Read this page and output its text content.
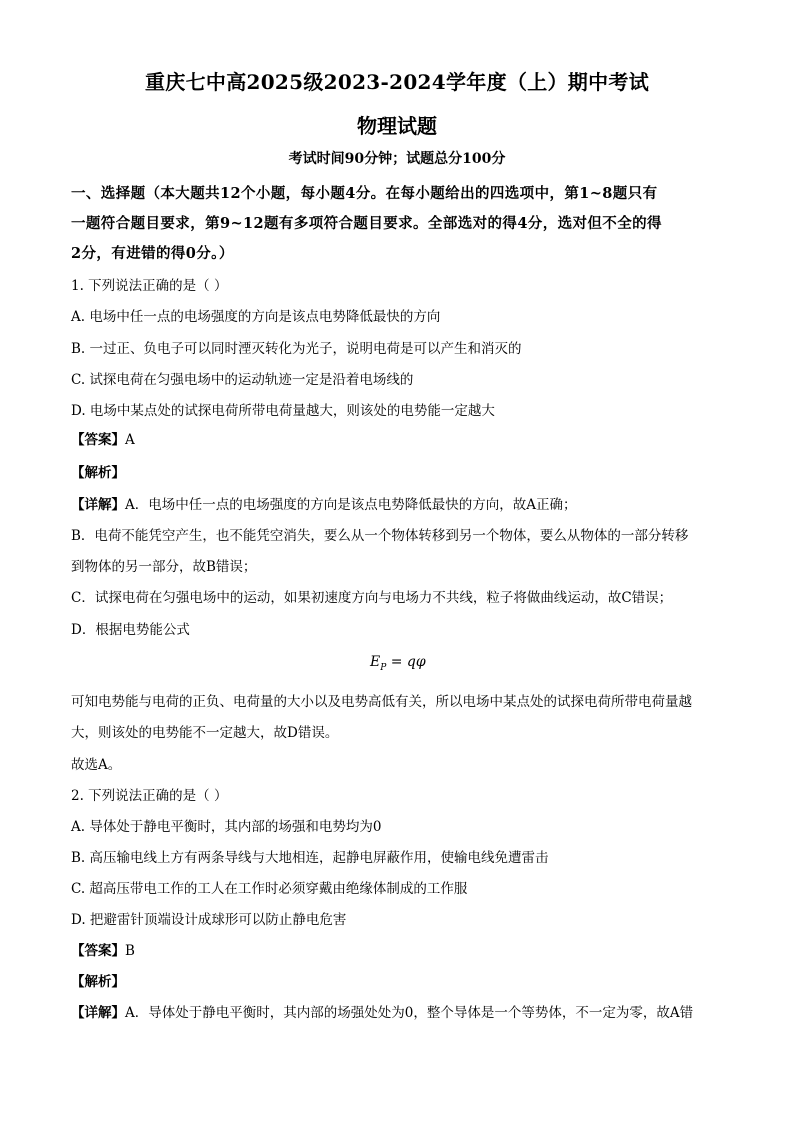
重庆七中高2025级2023-2024学年度（上）期中考试
物理试题
考试时间90分钟；试题总分100分
一、选择题（本大题共12个小题，每小题4分。在每小题给出的四选项中，第1~8题只有
一题符合题目要求，第9~12题有多项符合题目要求。全部选对的得4分，选对但不全的得
2分，有进错的得0分。）
1. 下列说法正确的是（ ）
A. 电场中任一点的电场强度的方向是该点电势降低最快的方向
B. 一过正、负电子可以同时湮灭转化为光子，说明电荷是可以产生和消灭的
C. 试探电荷在匀强电场中的运动轨迹一定是沿着电场线的
D. 电场中某点处的试探电荷所带电荷量越大，则该处的电势能一定越大
【答案】A
【解析】
【详解】A．电场中任一点的电场强度的方向是该点电势降低最快的方向，故A正确；
B．电荷不能凭空产生，也不能凭空消失，要么从一个物体转移到另一个物体，要么从物体的一部分转移
到物体的另一部分，故B错误；
C．试探电荷在匀强电场中的运动，如果初速度方向与电场力不共线，粒子将做曲线运动，故C错误；
D．根据电势能公式
$E_P = q\varphi$
可知电势能与电荷的正负、电荷量的大小以及电势高低有关，所以电场中某点处的试探电荷所带电荷量越
大，则该处的电势能不一定越大，故D错误。
故选A。
2. 下列说法正确的是（ ）
A. 导体处于静电平衡时，其内部的场强和电势均为0
B. 高压输电线上方有两条导线与大地相连，起静电屏蔽作用，使输电线免遭雷击
C. 超高压带电工作的工人在工作时必须穿戴由绝缘体制成的工作服
D. 把避雷针顶端设计成球形可以防止静电危害
【答案】B
【解析】
【详解】A．导体处于静电平衡时，其内部的场强处处为0，整个导体是一个等势体，不一定为零，故A错
